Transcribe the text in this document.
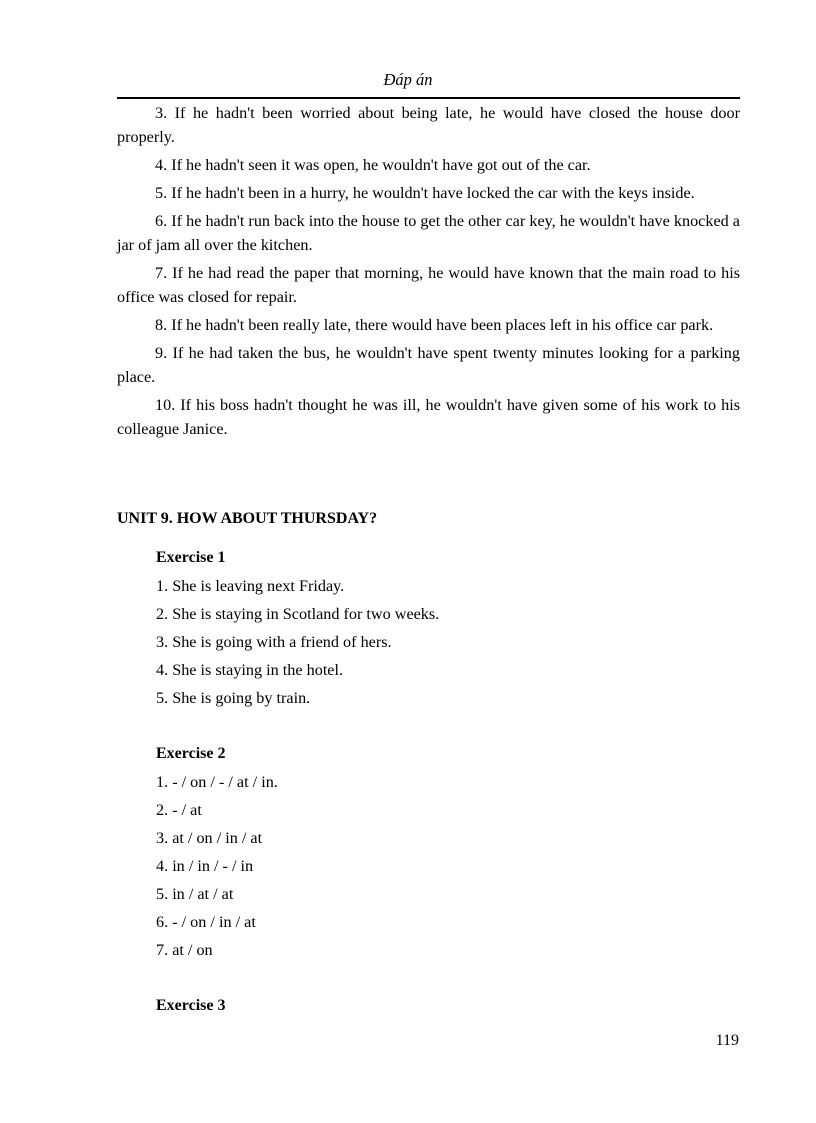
Đáp án

3. If he hadn't been worried about being late, he would have closed the house door properly.

4. If he hadn't seen it was open, he wouldn't have got out of the car.

5. If he hadn't been in a hurry, he wouldn't have locked the car with the keys inside.

6. If he hadn't run back into the house to get the other car key, he wouldn't have knocked a jar of jam all over the kitchen.

7. If he had read the paper that morning, he would have known that the main road to his office was closed for repair.

8. If he hadn't been really late, there would have been places left in his office car park.

9. If he had taken the bus, he wouldn't have spent twenty minutes looking for a parking place.

10. If his boss hadn't thought he was ill, he wouldn't have given some of his work to his colleague Janice.

UNIT 9. HOW ABOUT THURSDAY?

Exercise 1

1. She is leaving next Friday.

2. She is staying in Scotland for two weeks.

3. She is going with a friend of hers.

4. She is staying in the hotel.

5. She is going by train.

Exercise 2

1. - / on / - / at / in.

2. - / at

3. at / on / in / at

4. in / in / - / in

5. in / at / at

6. - / on / in / at

7. at / on

Exercise 3

119
